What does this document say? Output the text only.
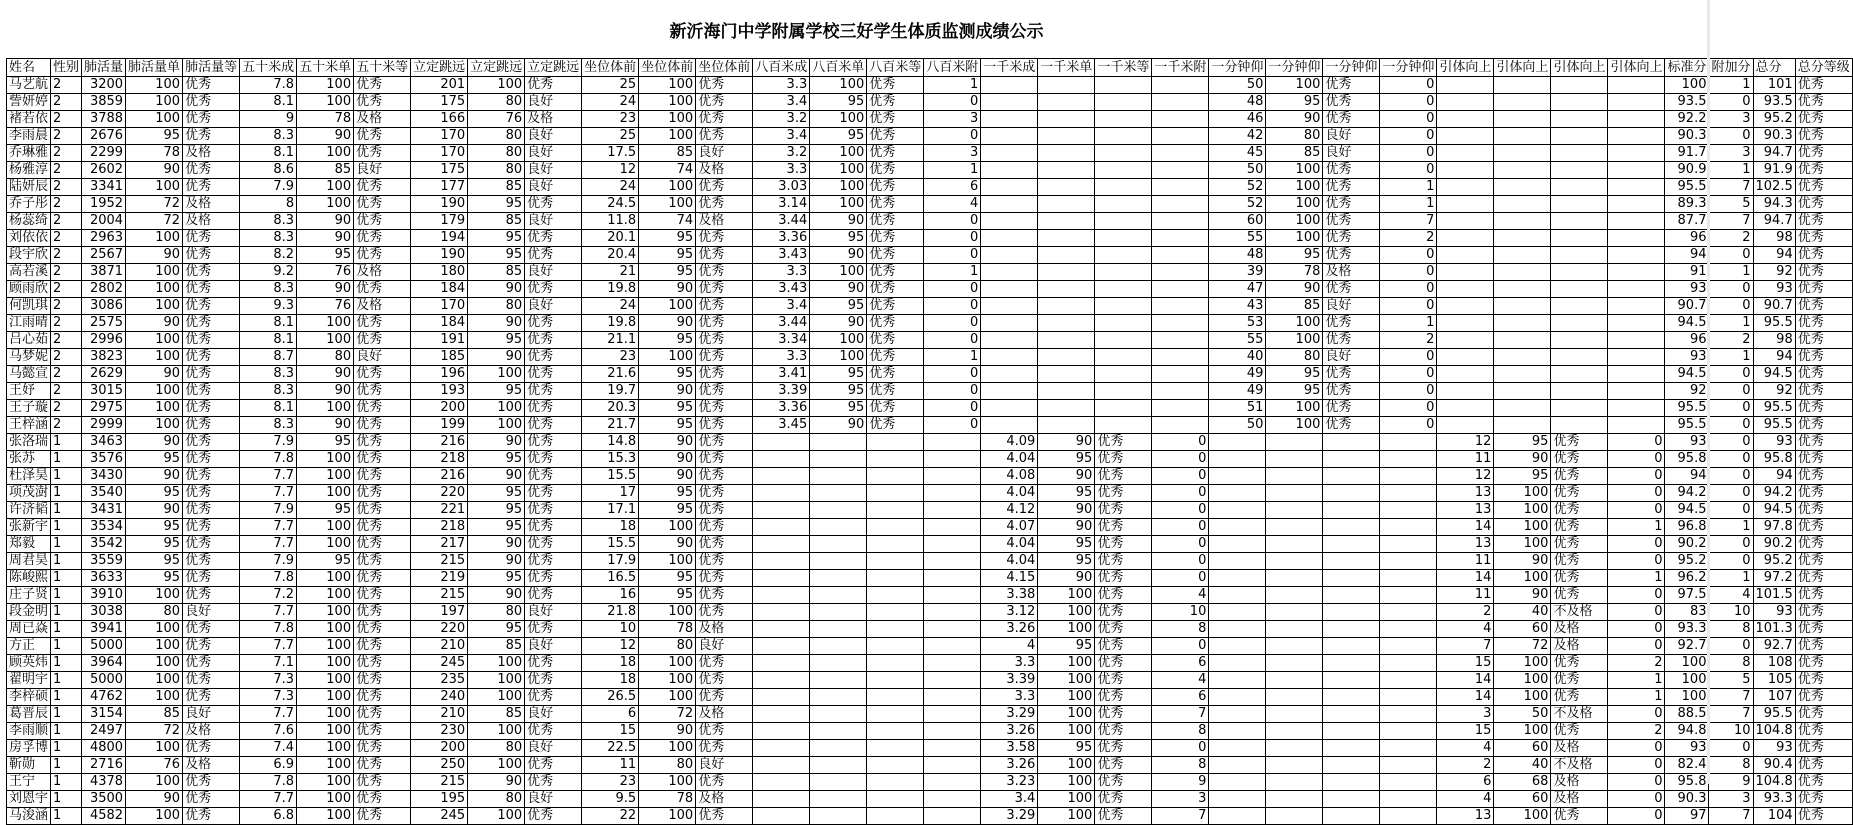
新沂海门中学附属学校三好学生体质监测成绩公示
姓名	性别	肺活量	肺活量单	肺活量等	五十米成	五十米单	五十米等	立定跳远	立定跳远	立定跳远	坐位体前	坐位体前	坐位体前	八百米成	八百米单	八百米等	八百米附	一千米成	一千米单	一千米等	一千米附	一分钟仰	一分钟仰	一分钟仰	一分钟仰	引体向上	引体向上	引体向上	引体向上	标准分	附加分	总分	总分等级
马艺航	2	3200	100	优秀	7.8	100	优秀	201	100	优秀	25	100	优秀	3.3	100	优秀	1					50	100	优秀	0					100	1	101	优秀
訾妍婷	2	3859	100	优秀	8.1	100	优秀	175	80	良好	24	100	优秀	3.4	95	优秀	0					48	95	优秀	0					93.5	0	93.5	优秀
褚若依	2	3788	100	优秀	9	78	及格	166	76	及格	23	100	优秀	3.2	100	优秀	3					46	90	优秀	0					92.2	3	95.2	优秀
李雨晨	2	2676	95	优秀	8.3	90	优秀	170	80	良好	25	100	优秀	3.4	95	优秀	0					42	80	良好	0					90.3	0	90.3	优秀
乔琳雅	2	2299	78	及格	8.1	100	优秀	170	80	良好	17.5	85	良好	3.2	100	优秀	3					45	85	良好	0					91.7	3	94.7	优秀
杨雅淳	2	2602	90	优秀	8.6	85	良好	175	80	良好	12	74	及格	3.3	100	优秀	1					50	100	优秀	0					90.9	1	91.9	优秀
陆妍辰	2	3341	100	优秀	7.9	100	优秀	177	85	良好	24	100	优秀	3.03	100	优秀	6					52	100	优秀	1					95.5	7	102.5	优秀
乔子彤	2	1952	72	及格	8	100	优秀	190	95	优秀	24.5	100	优秀	3.14	100	优秀	4					52	100	优秀	1					89.3	5	94.3	优秀
杨蕊绮	2	2004	72	及格	8.3	90	优秀	179	85	良好	11.8	74	及格	3.44	90	优秀	0					60	100	优秀	7					87.7	7	94.7	优秀
刘依依	2	2963	100	优秀	8.3	90	优秀	194	95	优秀	20.1	95	优秀	3.36	95	优秀	0					55	100	优秀	2					96	2	98	优秀
段宇欣	2	2567	90	优秀	8.2	95	优秀	190	95	优秀	20.4	95	优秀	3.43	90	优秀	0					48	95	优秀	0					94	0	94	优秀
高若溪	2	3871	100	优秀	9.2	76	及格	180	85	良好	21	95	优秀	3.3	100	优秀	1					39	78	及格	0					91	1	92	优秀
顾雨欣	2	2802	100	优秀	8.3	90	优秀	184	90	优秀	19.8	90	优秀	3.43	90	优秀	0					47	90	优秀	0					93	0	93	优秀
何凯琪	2	3086	100	优秀	9.3	76	及格	170	80	良好	24	100	优秀	3.4	95	优秀	0					43	85	良好	0					90.7	0	90.7	优秀
江雨晴	2	2575	90	优秀	8.1	100	优秀	184	90	优秀	19.8	90	优秀	3.44	90	优秀	0					53	100	优秀	1					94.5	1	95.5	优秀
吕心茹	2	2996	100	优秀	8.1	100	优秀	191	95	优秀	21.1	95	优秀	3.34	100	优秀	0					55	100	优秀	2					96	2	98	优秀
马梦妮	2	3823	100	优秀	8.7	80	良好	185	90	优秀	23	100	优秀	3.3	100	优秀	1					40	80	良好	0					93	1	94	优秀
马懿宣	2	2629	90	优秀	8.3	90	优秀	196	100	优秀	21.6	95	优秀	3.41	95	优秀	0					49	95	优秀	0					94.5	0	94.5	优秀
王妤	2	3015	100	优秀	8.3	90	优秀	193	95	优秀	19.7	90	优秀	3.39	95	优秀	0					49	95	优秀	0					92	0	92	优秀
王子璇	2	2975	100	优秀	8.1	100	优秀	200	100	优秀	20.3	95	优秀	3.36	95	优秀	0					51	100	优秀	0					95.5	0	95.5	优秀
王梓涵	2	2999	100	优秀	8.3	90	优秀	199	100	优秀	21.7	95	优秀	3.45	90	优秀	0					50	100	优秀	0					95.5	0	95.5	优秀
张洛瑞	1	3463	90	优秀	7.9	95	优秀	216	90	优秀	14.8	90	优秀					4.09	90	优秀	0					12	95	优秀	0	93	0	93	优秀
张苏	1	3576	95	优秀	7.8	100	优秀	218	95	优秀	15.3	90	优秀					4.04	95	优秀	0					11	90	优秀	0	95.8	0	95.8	优秀
杜泽昊	1	3430	90	优秀	7.7	100	优秀	216	90	优秀	15.5	90	优秀					4.08	90	优秀	0					12	95	优秀	0	94	0	94	优秀
项茂澍	1	3540	95	优秀	7.7	100	优秀	220	95	优秀	17	95	优秀					4.04	95	优秀	0					13	100	优秀	0	94.2	0	94.2	优秀
许济韬	1	3431	90	优秀	7.9	95	优秀	221	95	优秀	17.1	95	优秀					4.12	90	优秀	0					13	100	优秀	0	94.5	0	94.5	优秀
张新宇	1	3534	95	优秀	7.7	100	优秀	218	95	优秀	18	100	优秀					4.07	90	优秀	0					14	100	优秀	1	96.8	1	97.8	优秀
郑毅	1	3542	95	优秀	7.7	100	优秀	217	90	优秀	15.5	90	优秀					4.04	95	优秀	0					13	100	优秀	0	90.2	0	90.2	优秀
周君昊	1	3559	95	优秀	7.9	95	优秀	215	90	优秀	17.9	100	优秀					4.04	95	优秀	0					11	90	优秀	0	95.2	0	95.2	优秀
陈峻熙	1	3633	95	优秀	7.8	100	优秀	219	95	优秀	16.5	95	优秀					4.15	90	优秀	0					14	100	优秀	1	96.2	1	97.2	优秀
庄子贤	1	3910	100	优秀	7.2	100	优秀	215	90	优秀	16	95	优秀					3.38	100	优秀	4					11	90	优秀	0	97.5	4	101.5	优秀
段金明	1	3038	80	良好	7.7	100	优秀	197	80	良好	21.8	100	优秀					3.12	100	优秀	10					2	40	不及格	0	83	10	93	优秀
周已焱	1	3941	100	优秀	7.8	100	优秀	220	95	优秀	10	78	及格					3.26	100	优秀	8					4	60	及格	0	93.3	8	101.3	优秀
方正	1	5000	100	优秀	7.7	100	优秀	210	85	良好	12	80	良好					4	95	优秀	0					7	72	及格	0	92.7	0	92.7	优秀
顾英炜	1	3964	100	优秀	7.1	100	优秀	245	100	优秀	18	100	优秀					3.3	100	优秀	6					15	100	优秀	2	100	8	108	优秀
翟明宇	1	5000	100	优秀	7.3	100	优秀	235	100	优秀	18	100	优秀					3.39	100	优秀	4					14	100	优秀	1	100	5	105	优秀
李梓硕	1	4762	100	优秀	7.3	100	优秀	240	100	优秀	26.5	100	优秀					3.3	100	优秀	6					14	100	优秀	1	100	7	107	优秀
葛晋辰	1	3154	85	良好	7.7	100	优秀	210	85	良好	6	72	及格					3.29	100	优秀	7					3	50	不及格	0	88.5	7	95.5	优秀
李雨顺	1	2497	72	及格	7.6	100	优秀	230	100	优秀	15	90	优秀					3.26	100	优秀	8					15	100	优秀	2	94.8	10	104.8	优秀
房孚博	1	4800	100	优秀	7.4	100	优秀	200	80	良好	22.5	100	优秀					3.58	95	优秀	0					4	60	及格	0	93	0	93	优秀
靳勋	1	2716	76	及格	6.9	100	优秀	250	100	优秀	11	80	良好					3.26	100	优秀	8					2	40	不及格	0	82.4	8	90.4	优秀
王宁	1	4378	100	优秀	7.8	100	优秀	215	90	优秀	23	100	优秀					3.23	100	优秀	9					6	68	及格	0	95.8	9	104.8	优秀
刘恩宇	1	3500	90	优秀	7.7	100	优秀	195	80	良好	9.5	78	及格					3.4	100	优秀	3					4	60	及格	0	90.3	3	93.3	优秀
马浚涵	1	4582	100	优秀	6.8	100	优秀	245	100	优秀	22	100	优秀					3.29	100	优秀	7					13	100	优秀	0	97	7	104	优秀
